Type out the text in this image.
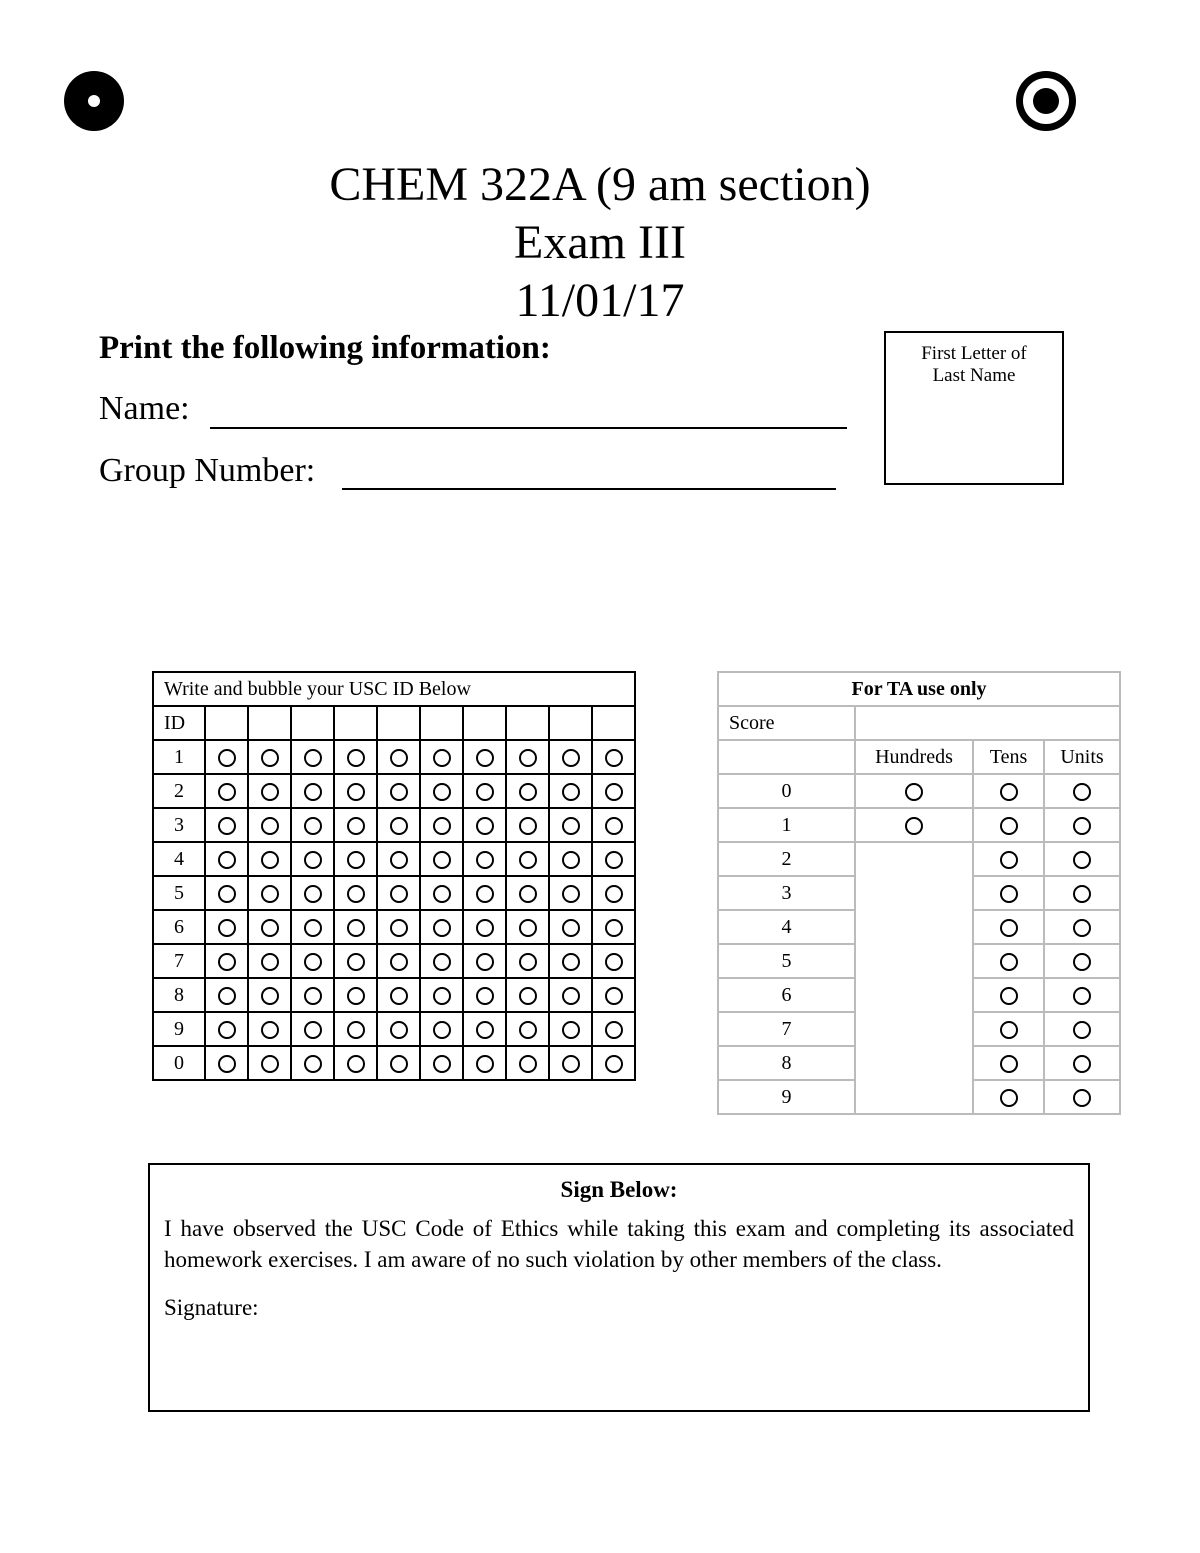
CHEM 322A (9 am section)
Exam III
11/01/17
Print the following information:
Name:
Group Number:
First Letter of
Last Name
Write and bubble your USC ID Below										
ID										
1										
2										
3										
4										
5										
6										
7										
8										
9										
0										
For TA use only			
Score			
	Hundreds	Tens	Units
0			
1			
2			
3			
4			
5			
6			
7			
8			
9			
Sign Below:
I have observed the USC Code of Ethics while taking this exam and completing its associated homework exercises. I am aware of no such violation by other members of the class.
Signature:
